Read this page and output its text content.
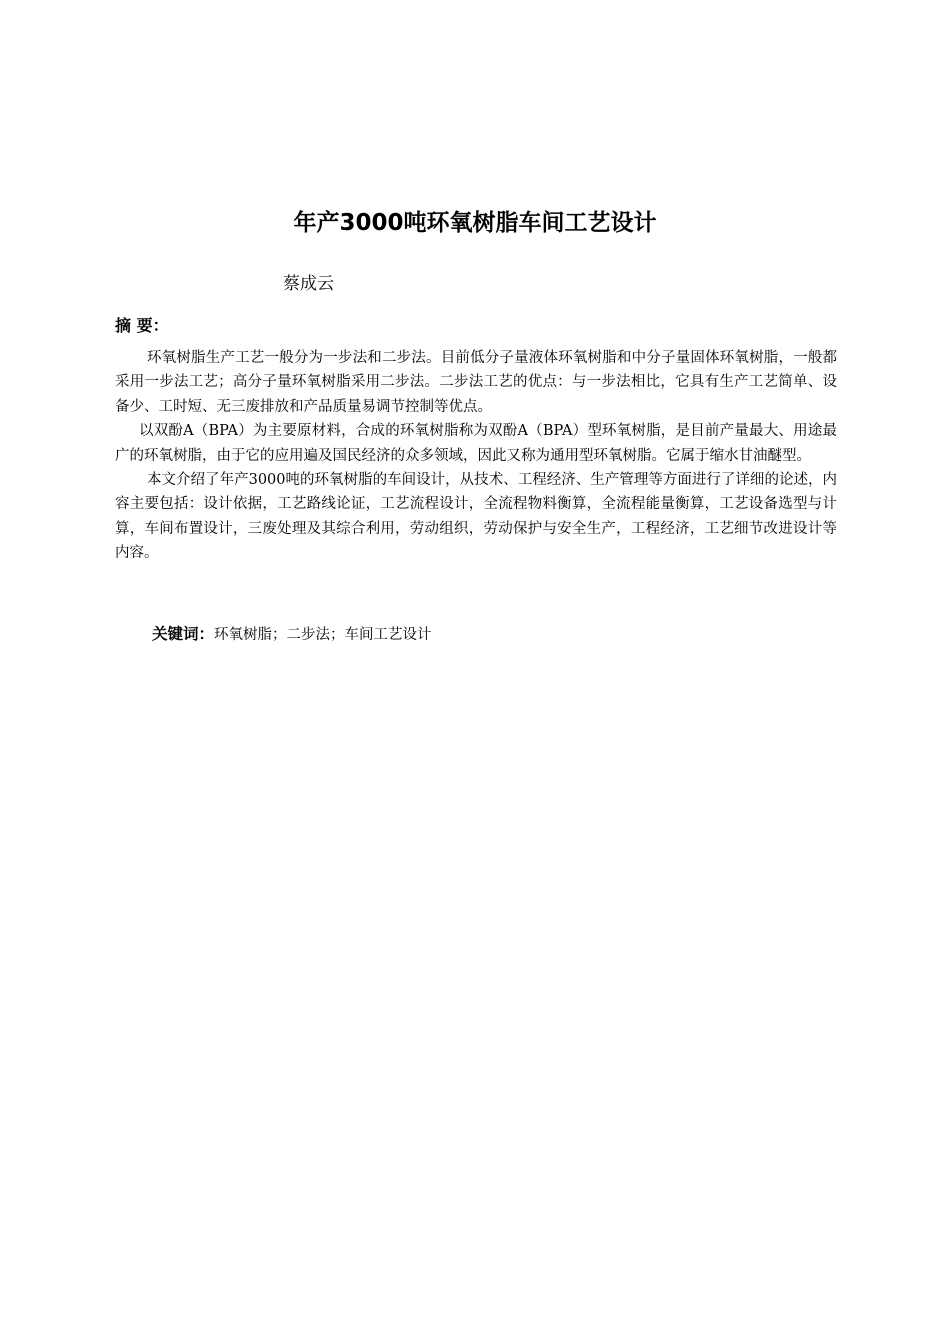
年产3000吨环氧树脂车间工艺设计
蔡成云
摘 要：

环氧树脂生产工艺一般分为一步法和二步法。目前低分子量液体环氧树脂和中分子量固体环氧树脂，一般都采用一步法工艺；高分子量环氧树脂采用二步法。二步法工艺的优点：与一步法相比，它具有生产工艺简单、设备少、工时短、无三废排放和产品质量易调节控制等优点。

以双酚A（BPA）为主要原材料，合成的环氧树脂称为双酚A（BPA）型环氧树脂，是目前产量最大、用途最广的环氧树脂，由于它的应用遍及国民经济的众多领域，因此又称为通用型环氧树脂。它属于缩水甘油醚型。

本文介绍了年产3000吨的环氧树脂的车间设计，从技术、工程经济、生产管理等方面进行了详细的论述，内容主要包括：设计依据，工艺路线论证，工艺流程设计，全流程物料衡算，全流程能量衡算，工艺设备选型与计算，车间布置设计，三废处理及其综合利用，劳动组织，劳动保护与安全生产，工程经济，工艺细节改进设计等内容。

关键词：环氧树脂；二步法；车间工艺设计
